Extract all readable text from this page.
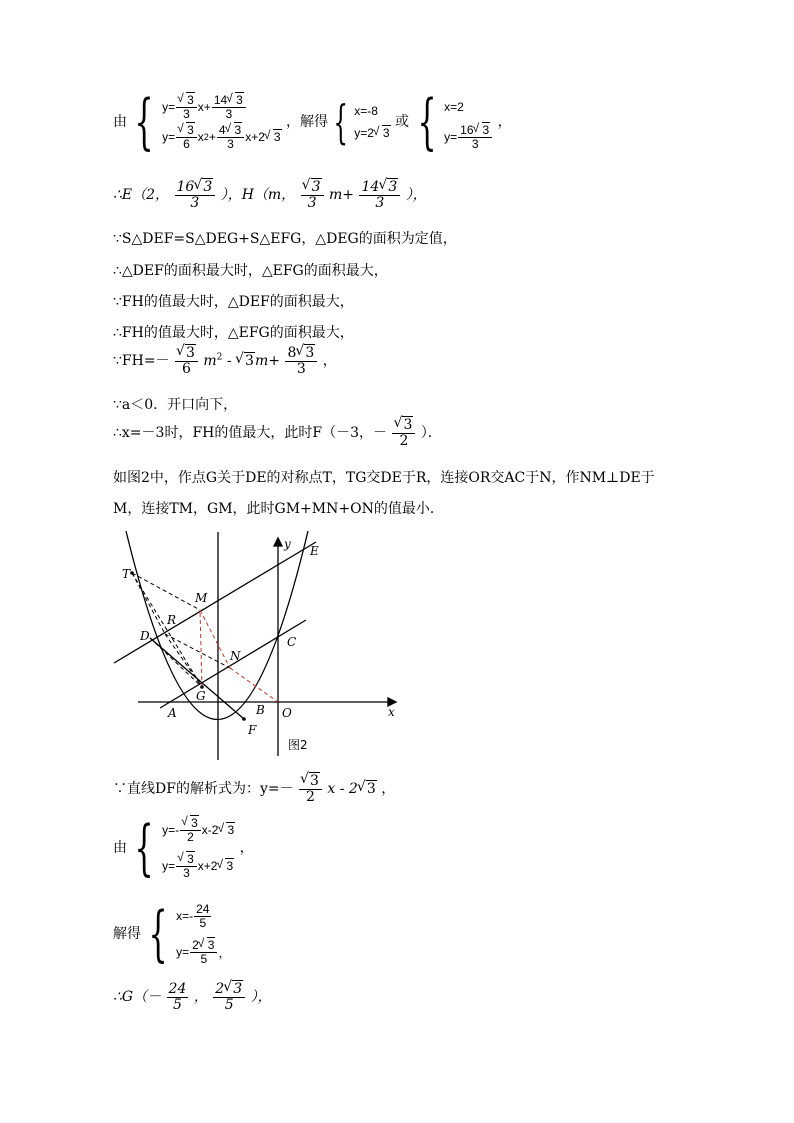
由 { y= √ $\frac{3}{3} x+ \frac{14 √ 3}{3}$
y= √ $\frac{3}{6}$ x $2 + \frac{4 √ 3}{3} x+2$ √ 3
，解得 { x=-8
y=2 √ 3
或 { x=2
$y= \frac{16 √ 3}{3}$
，
∴E（2， $\frac{16 √ 3}{3}$ ），H（m， √ $\frac{3}{3} m+ \frac{14 √ 3}{3}$ ），
∵S△DEF=S△DEG+S△EFG，△DEG的面积为定值，
∴△DEF的面积最大时，△EFG的面积最大，
∵FH的值最大时，△DEF的面积最大，
∴FH的值最大时，△EFG的面积最大，
∵FH=－ √ $\frac{3}{6} m^2$ - √ $3m+ \frac{8 √ 3}{3}$ ，
∵a＜0．开口向下，
∴x=－3时，FH的值最大，此时F（－3，－ √ $\frac{3}{2}$ ）．
如图2中，作点G关于DE的对称点T，TG交DE于R，连接OR交AC于N，作NM⊥DE于
M，连接TM，GM，此时GM+MN+ON的值最小．
T
M
R
D
N
C
G
A	B O
F
E
x
y
图2
∵直线DF的解析式为：y=－ √ $\frac{3}{2}$ x - 2 √ 3 ，
由 { y=- √ $\frac{3}{2} x-2$ √ 3
y= √ $\frac{3}{3} x+2$ √ 3
，
解得 { $x=- \frac{24}{5}$
$y= \frac{2 √ 3}{5}$ ，
∴G（－ $\frac{24}{5}$ ， $\frac{2 √ 3}{5}$ ），
